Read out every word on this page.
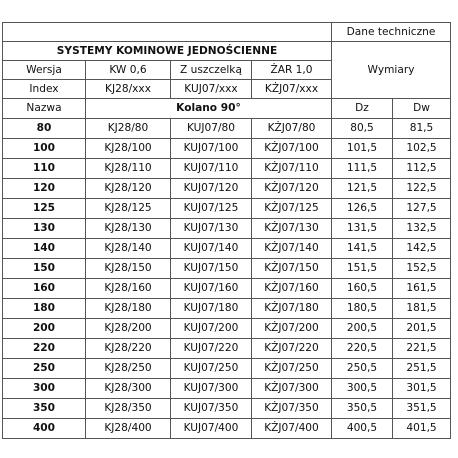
				Dane techniczne	
SYSTEMY KOMINOWE JEDNOŚCIENNE				Wymiary	
Wersja	KW 0,6	Z uszczelką	ŻAR 1,0		
Index	KJ28/xxx	KUJ07/xxx	KŻJ07/xxx		
Nazwa	Kolano 90°			Dz	Dw
80	KJ28/80	KUJ07/80	KŻJ07/80	80,5	81,5
100	KJ28/100	KUJ07/100	KŻJ07/100	101,5	102,5
110	KJ28/110	KUJ07/110	KŻJ07/110	111,5	112,5
120	KJ28/120	KUJ07/120	KŻJ07/120	121,5	122,5
125	KJ28/125	KUJ07/125	KŻJ07/125	126,5	127,5
130	KJ28/130	KUJ07/130	KŻJ07/130	131,5	132,5
140	KJ28/140	KUJ07/140	KŻJ07/140	141,5	142,5
150	KJ28/150	KUJ07/150	KŻJ07/150	151,5	152,5
160	KJ28/160	KUJ07/160	KŻJ07/160	160,5	161,5
180	KJ28/180	KUJ07/180	KŻJ07/180	180,5	181,5
200	KJ28/200	KUJ07/200	KŻJ07/200	200,5	201,5
220	KJ28/220	KUJ07/220	KŻJ07/220	220,5	221,5
250	KJ28/250	KUJ07/250	KŻJ07/250	250,5	251,5
300	KJ28/300	KUJ07/300	KŻJ07/300	300,5	301,5
350	KJ28/350	KUJ07/350	KŻJ07/350	350,5	351,5
400	KJ28/400	KUJ07/400	KŻJ07/400	400,5	401,5
